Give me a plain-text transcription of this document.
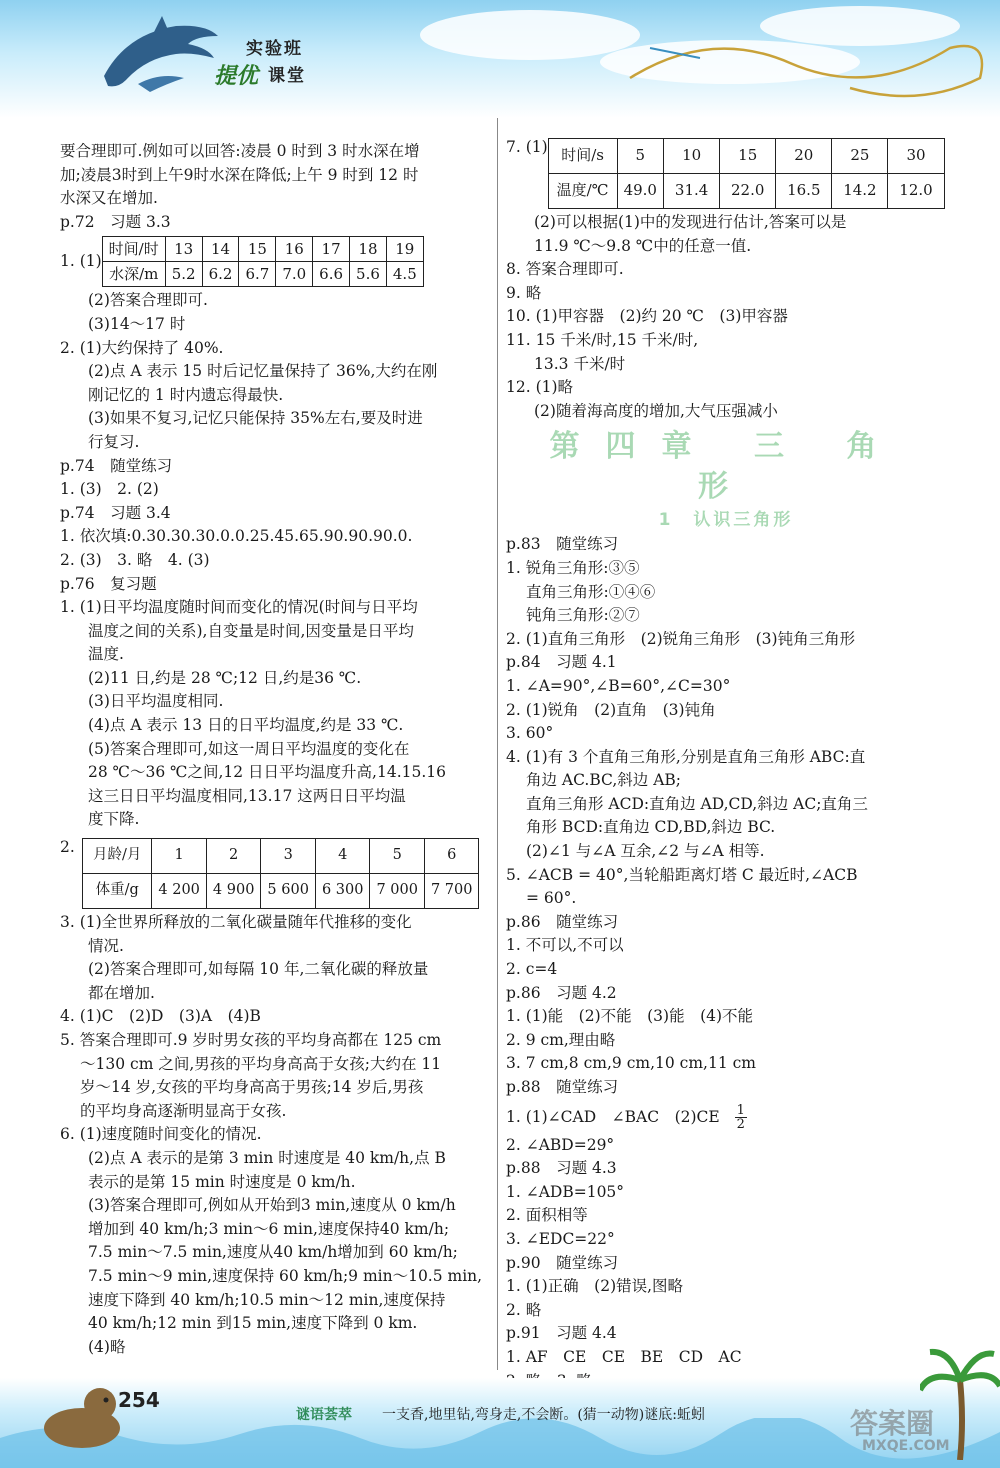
实验班
提优 课堂
要合理即可.例如可以回答:凌晨 0 时到 3 时水深在增
加;凌晨3时到上午9时水深在降低;上午 9 时到 12 时
水深又在增加.
p.72　习题 3.3
1. (1)
时间/时	13	14	15	16	17	18	19
水深/m	5.2	6.2	6.7	7.0	6.6	5.6	4.5
(2)答案合理即可.
(3)14～17 时
2. (1)大约保持了 40%.
(2)点 A 表示 15 时后记忆量保持了 36%,大约在刚
刚记忆的 1 时内遗忘得最快.
(3)如果不复习,记忆只能保持 35%左右,要及时进
行复习.
p.74　随堂练习
1. (3)　2. (2)
p.74　习题 3.4
1. 依次填:0.30.30.30.0.0.25.45.65.90.90.90.0.
2. (3)　3. 略　4. (3)
p.76　复习题
1. (1)日平均温度随时间而变化的情况(时间与日平均
温度之间的关系),自变量是时间,因变量是日平均
温度.
(2)11 日,约是 28 ℃;12 日,约是36 ℃.
(3)日平均温度相同.
(4)点 A 表示 13 日的日平均温度,约是 33 ℃.
(5)答案合理即可,如这一周日平均温度的变化在
28 ℃～36 ℃之间,12 日日平均温度升高,14.15.16
这三日日平均温度相同,13.17 这两日日平均温
度下降.
2.	月龄/月	1	2	3	4	5	6
体重/g	4 200	4 900	5 600	6 300	7 000	7 700
3. (1)全世界所释放的二氧化碳量随年代推移的变化
情况.
(2)答案合理即可,如每隔 10 年,二氧化碳的释放量
都在增加.
4. (1)C　(2)D　(3)A　(4)B
5. 答案合理即可.9 岁时男女孩的平均身高都在 125 cm
～130 cm 之间,男孩的平均身高高于女孩;大约在 11
岁～14 岁,女孩的平均身高高于男孩;14 岁后,男孩
的平均身高逐渐明显高于女孩.
6. (1)速度随时间变化的情况.
(2)点 A 表示的是第 3 min 时速度是 40 km/h,点 B
表示的是第 15 min 时速度是 0 km/h.
(3)答案合理即可,例如从开始到3 min,速度从 0 km/h
增加到 40 km/h;3 min～6 min,速度保持40 km/h;
7.5 min～7.5 min,速度从40 km/h增加到 60 km/h;
7.5 min～9 min,速度保持 60 km/h;9 min～10.5 min,
速度下降到 40 km/h;10.5 min～12 min,速度保持
40 km/h;12 min 到15 min,速度下降到 0 km.
(4)略
7. (1) 时间/s	5	10	15	20	25	30
温度/℃	49.0	31.4	22.0	16.5	14.2	12.0
(2)可以根据(1)中的发现进行估计,答案可以是
11.9 ℃～9.8 ℃中的任意一值.
8. 答案合理即可.
9. 略
10. (1)甲容器　(2)约 20 ℃　(3)甲容器
11. 15 千米/时,15 千米/时,
13.3 千米/时
12. (1)略
(2)随着海高度的增加,大气压强减小
第四章 三 角 形
1　认识三角形
p.83　随堂练习
1. 锐角三角形:③⑤
直角三角形:①④⑥
钝角三角形:②⑦
2. (1)直角三角形　(2)锐角三角形　(3)钝角三角形
p.84　习题 4.1
1. ∠A=90°,∠B=60°,∠C=30°
2. (1)锐角　(2)直角　(3)钝角
3. 60°
4. (1)有 3 个直角三角形,分别是直角三角形 ABC:直
角边 AC.BC,斜边 AB;
直角三角形 ACD:直角边 AD,CD,斜边 AC;直角三
角形 BCD:直角边 CD,BD,斜边 BC.
(2)∠1 与∠A 互余,∠2 与∠A 相等.
5. ∠ACB = 40°,当轮船距离灯塔 C 最近时,∠ACB
= 60°.
p.86　随堂练习
1. 不可以,不可以
2. c=4
p.86　习题 4.2
1. (1)能　(2)不能　(3)能　(4)不能
2. 9 cm,理由略
3. 7 cm,8 cm,9 cm,10 cm,11 cm
p.88　随堂练习
1. (1)∠CAD　∠BAC　$(2)CE \frac{1}{2}$
2. ∠ABD=29°
p.88　习题 4.3
1. ∠ADB=105°
2. 面积相等
3. ∠EDC=22°
p.90　随堂练习
1. (1)正确　(2)错误,图略
2. 略
p.91　习题 4.4
1. AF　CE　CE　BE　CD　AC
254
谜语荟萃 一支香,地里钻,弯身走,不会断。(猜一动物)谜底:蚯蚓	答案圈
MXQE.COM
